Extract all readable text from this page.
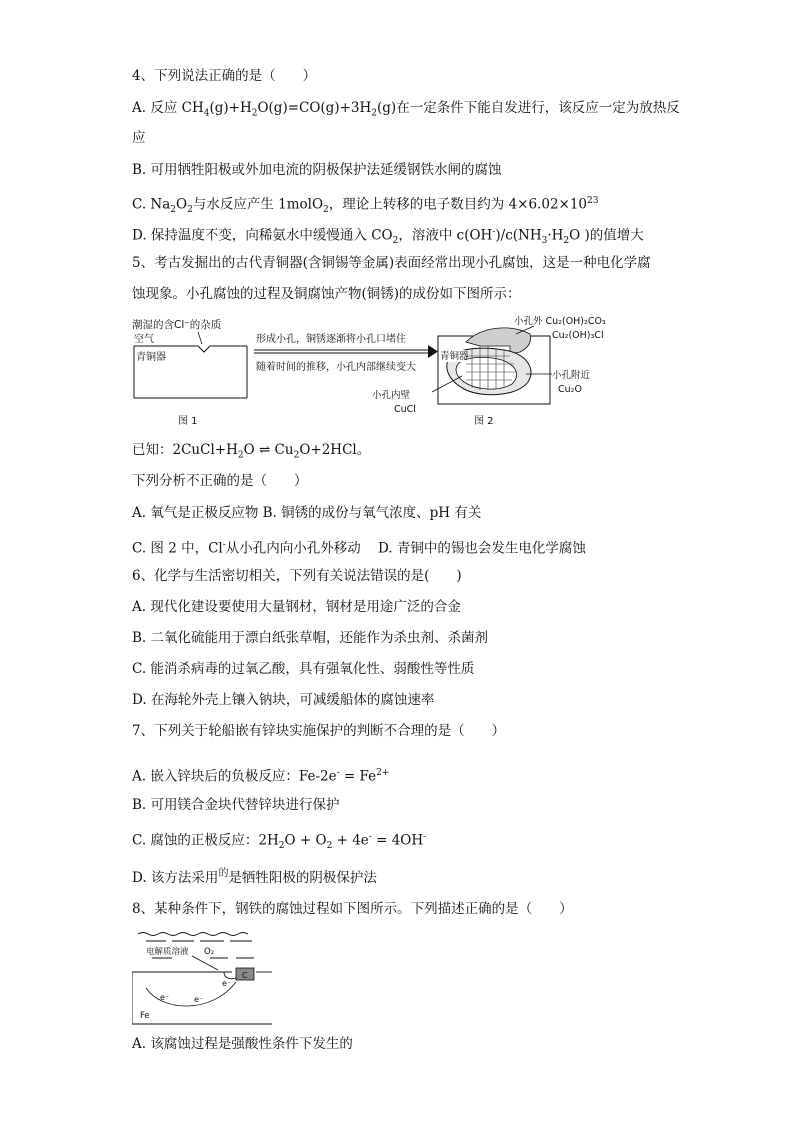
4、下列说法正确的是（　　）
A. 反应 $CH_4(g)+H_2O(g)=CO(g)+3H_2(g)$在一定条件下能自发进行，该反应一定为放热反
应
B. 可用牺牲阳极或外加电流的阴极保护法延缓钢铁水闸的腐蚀
C. $Na_2O_2$与水反应产生 1molO$_2$，理论上转移的电子数目约为 $4\times 6.02\times 10^{23}$
D. 保持温度不变，向稀氨水中缓慢通入 $CO_2$，溶液中 $c(OH^-)/c(NH_3\cdot H_2O$ )的值增大
5、考古发掘出的古代青铜器(含铜锡等金属)表面经常出现小孔腐蚀，这是一种电化学腐
蚀现象。小孔腐蚀的过程及铜腐蚀产物(铜锈)的成份如下图所示：
潮湿的含Cl⁻的杂质
空气
青铜器
图 1
形成小孔，铜锈逐渐将小孔口堵住
随着时间的推移，小孔内部继续变大
青铜器
小孔外 Cu₂(OH)₂CO₃
Cu₂(OH)₃Cl
小孔附近
Cu₂O
小孔内壁
CuCl
图 2
已知：$2CuCl+H_2O$ ⇌ $Cu_2O+2HCl$。
下列分析不正确的是（　　）
A. 氧气是正极反应物 B. 铜锈的成份与氧气浓度、pH 有关
C. 图 2 中，Cl-从小孔内向小孔外移动 D. 青铜中的锡也会发生电化学腐蚀
6、化学与生活密切相关，下列有关说法错误的是(　　)
A. 现代化建设要使用大量钢材，钢材是用途广泛的合金
B. 二氧化硫能用于漂白纸张草帽，还能作为杀虫剂、杀菌剂
C. 能消杀病毒的过氧乙酸，具有强氧化性、弱酸性等性质
D. 在海轮外壳上镶入钠块，可减缓船体的腐蚀速率
7、下列关于轮船嵌有锌块实施保护的判断不合理的是（　　）
A. 嵌入锌块后的负极反应：$Fe-2e^- = Fe^{2+}$
B. 可用镁合金块代替锌块进行保护
C. 腐蚀的正极反应：$2H_2O + O_2 + 4e^- = 4OH^-$
D. 该方法采用$^的$是牺牲阳极的阴极保护法
8、某种条件下，钢铁的腐蚀过程如下图所示。下列描述正确的是（　　）
电解质溶液 O₂
C
e⁻	e⁻
e⁻
Fe
A. 该腐蚀过程是强酸性条件下发生的
